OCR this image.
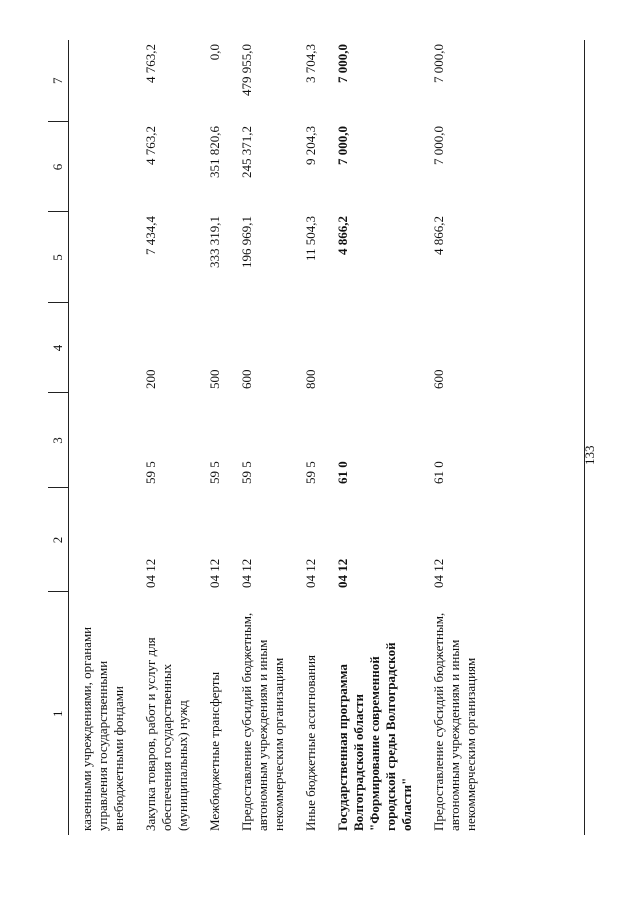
133
1	2	3	4	5	6	7
казенными учреждениями, органами управления государственными внебюджетными фондами						
Закупка товаров, работ и услуг для обеспечения государственных (муниципальных) нужд	04 12	59 5	200	7 434,4	4 763,2	4 763,2
Межбюджетные трансферты	04 12	59 5	500	333 319,1	351 820,6	0,0
Предоставление субсидий бюджетным, автономным учреждениям и иным некоммерческим организациям	04 12	59 5	600	196 969,1	245 371,2	479 955,0
Иные бюджетные ассигнования	04 12	59 5	800	11 504,3	9 204,3	3 704,3
Государственная программа Волгоградской области "Формирование современной городской среды Волгоградской области"	04 12	61 0		4 866,2	7 000,0	7 000,0
Предоставление субсидий бюджетным, автономным учреждениям и иным некоммерческим организациям	04 12	61 0	600	4 866,2	7 000,0	7 000,0
